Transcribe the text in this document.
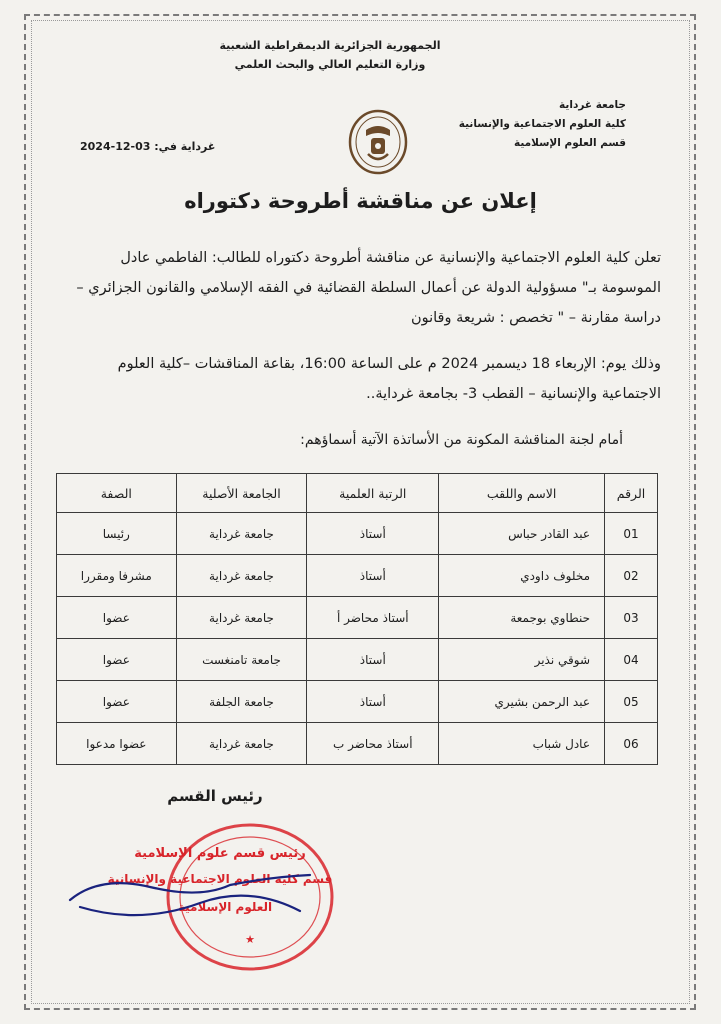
الجمهورية الجزائرية الديمقراطية الشعبية
وزارة التعليم العالي والبحث العلمي
جامعة غرداية
كلية العلوم الاجتماعية والإنسانية
قسم العلوم الإسلامية
غرداية في: 03-12-2024
إعلان عن مناقشة أطروحة دكتوراه
تعلن كلية العلوم الاجتماعية والإنسانية عن مناقشة أطروحة دكتوراه للطالب: الفاطمي عادل الموسومة بـ" مسؤولية الدولة عن أعمال السلطة القضائية في الفقه الإسلامي والقانون الجزائري – دراسة مقارنة – " تخصص : شريعة وقانون
وذلك يوم: الإربعاء 18 ديسمبر 2024 م على الساعة 16:00، بقاعة المناقشات –كلية العلوم الاجتماعية والإنسانية – القطب 3- بجامعة غرداية..
أمام لجنة المناقشة المكونة من الأساتذة الآتية أسماؤهم:
الرقم	الاسم واللقب	الرتبة العلمية	الجامعة الأصلية	الصفة
01	عبد القادر حباس	أستاذ	جامعة غرداية	رئيسا
02	مخلوف داودي	أستاذ	جامعة غرداية	مشرفا ومقررا
03	حنطاوي بوجمعة	أستاذ محاضر أ	جامعة غرداية	عضوا
04	شوقي نذير	أستاذ	جامعة تامنغست	عضوا
05	عبد الرحمن بشيري	أستاذ	جامعة الجلفة	عضوا
06	عادل شباب	أستاذ محاضر ب	جامعة غرداية	عضوا مدعوا
رئيس القسم
رئيس قسم علوم الإسلامية
قسم كلية العلوم الاجتماعية والإنسانية
العلوم الإسلامية
★
